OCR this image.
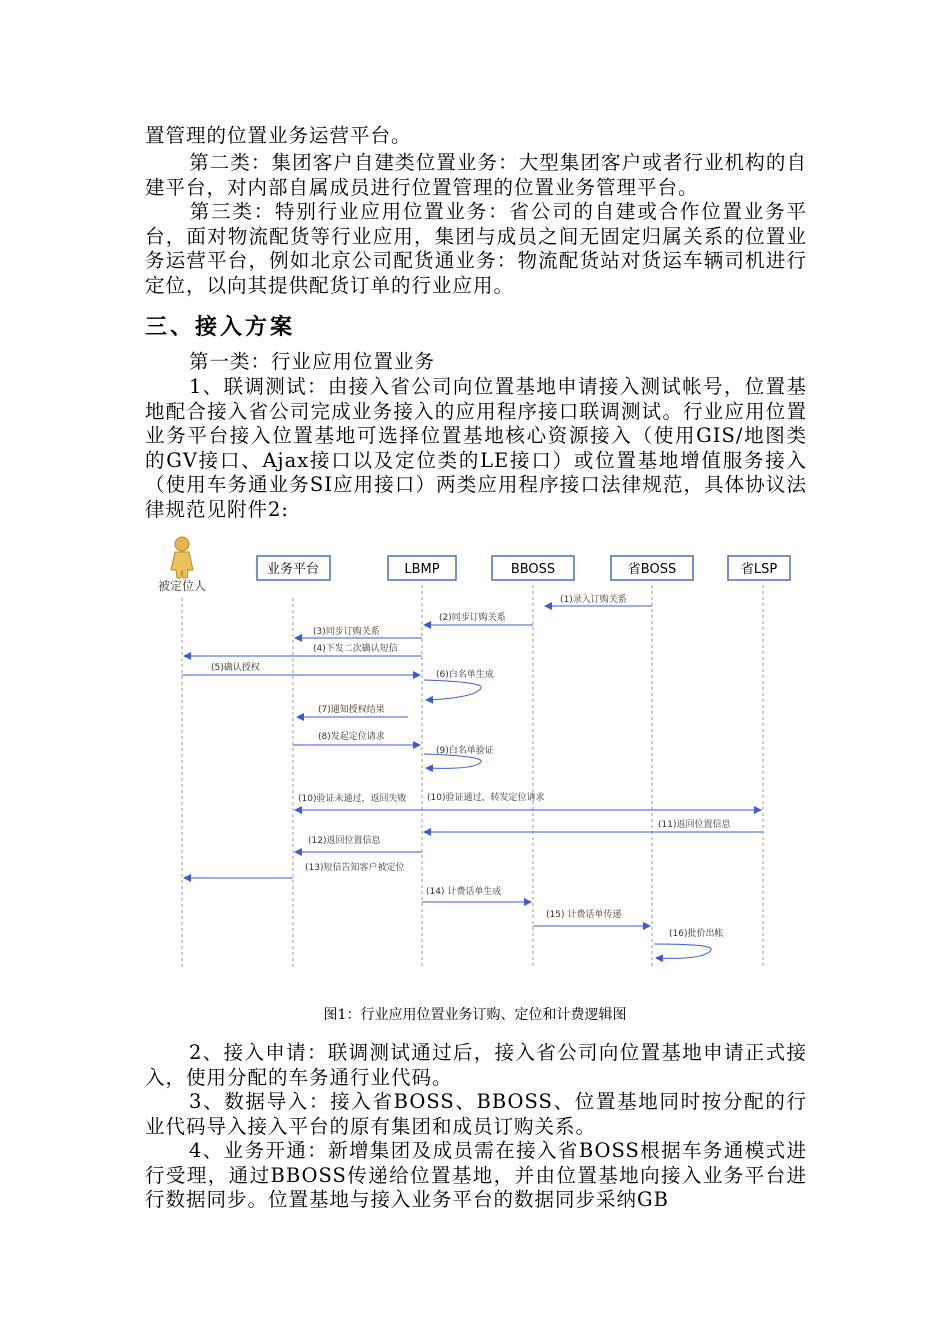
置管理的位置业务运营平台。

第二类：集团客户自建类位置业务：大型集团客户或者行业机构的自建平台，对内部自属成员进行位置管理的位置业务管理平台。

第三类：特别行业应用位置业务：省公司的自建或合作位置业务平台，面对物流配货等行业应用，集团与成员之间无固定归属关系的位置业务运营平台，例如北京公司配货通业务：物流配货站对货运车辆司机进行定位，以向其提供配货订单的行业应用。

三、接入方案

第一类：行业应用位置业务

1、联调测试：由接入省公司向位置基地申请接入测试帐号，位置基地配合接入省公司完成业务接入的应用程序接口联调测试。行业应用位置业务平台接入位置基地可选择位置基地核心资源接入（使用GIS/地图类的GV接口、Ajax接口以及定位类的LE接口）或位置基地增值服务接入（使用车务通业务SI应用接口）两类应用程序接口法律规范，具体协议法律规范见附件2:

被定位人
业务平台	LBMP	BBOSS	省BOSS	省LSP
(1)录入订购关系
(2)同步订购关系
(3)同步订购关系
(4)下发二次确认短信
(5)确认授权
(6)白名单生成
(7)通知授权结果
(8)发起定位请求
(9)白名单验证
(10)验证未通过，返回失败 (10)验证通过，转发定位请求
(11)返回位置信息
(12)返回位置信息
(13)短信告知客户被定位
(14) 计费话单生成
(15) 计费话单传递
(16)批价出帐
图1：行业应用位置业务订购、定位和计费逻辑图

2、接入申请：联调测试通过后，接入省公司向位置基地申请正式接入，使用分配的车务通行业代码。

3、数据导入：接入省BOSS、BBOSS、位置基地同时按分配的行业代码导入接入平台的原有集团和成员订购关系。

4、业务开通：新增集团及成员需在接入省BOSS根据车务通模式进行受理，通过BBOSS传递给位置基地，并由位置基地向接入业务平台进行数据同步。位置基地与接入业务平台的数据同步采纳GB
